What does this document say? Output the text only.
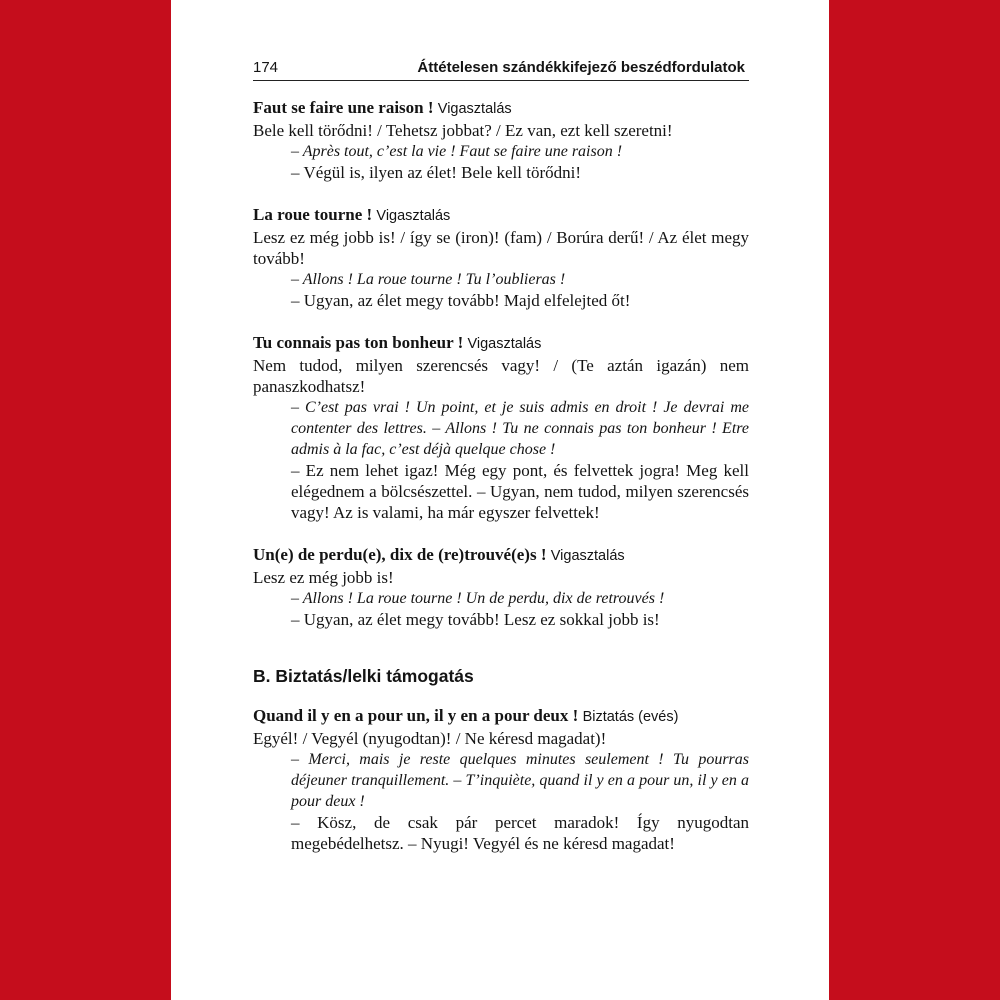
174	Áttételesen szándékkifejező beszédfordulatok
Faut se faire une raison ! Vigasztalás
Bele kell törődni! / Tehetsz jobbat? / Ez van, ezt kell szeretni!
– Après tout, c’est la vie ! Faut se faire une raison !
– Végül is, ilyen az élet! Bele kell törődni!
La roue tourne ! Vigasztalás
Lesz ez még jobb is! / így se (iron)! (fam) / Borúra derű! / Az élet megy tovább!
– Allons ! La roue tourne ! Tu l’oublieras !
– Ugyan, az élet megy tovább! Majd elfelejted őt!
Tu connais pas ton bonheur ! Vigasztalás
Nem tudod, milyen szerencsés vagy! / (Te aztán igazán) nem panaszkodhatsz!
– C’est pas vrai ! Un point, et je suis admis en droit ! Je devrai me contenter des lettres. – Allons ! Tu ne connais pas ton bonheur ! Etre admis à la fac, c’est déjà quelque chose !
– Ez nem lehet igaz! Még egy pont, és felvettek jogra! Meg kell elégednem a bölcsészettel. – Ugyan, nem tudod, milyen szerencsés vagy! Az is valami, ha már egyszer felvettek!
Un(e) de perdu(e), dix de (re)trouvé(e)s ! Vigasztalás
Lesz ez még jobb is!
– Allons ! La roue tourne ! Un de perdu, dix de retrouvés !
– Ugyan, az élet megy tovább! Lesz ez sokkal jobb is!
B. Biztatás/lelki támogatás
Quand il y en a pour un, il y en a pour deux ! Biztatás (evés)
Egyél! / Vegyél (nyugodtan)! / Ne kéresd magadat)!
– Merci, mais je reste quelques minutes seulement ! Tu pourras déjeuner tranquillement. – T’inquiète, quand il y en a pour un, il y en a pour deux !
– Kösz, de csak pár percet maradok! Így nyugodtan megebédelhetsz. – Nyugi! Vegyél és ne kéresd magadat!
